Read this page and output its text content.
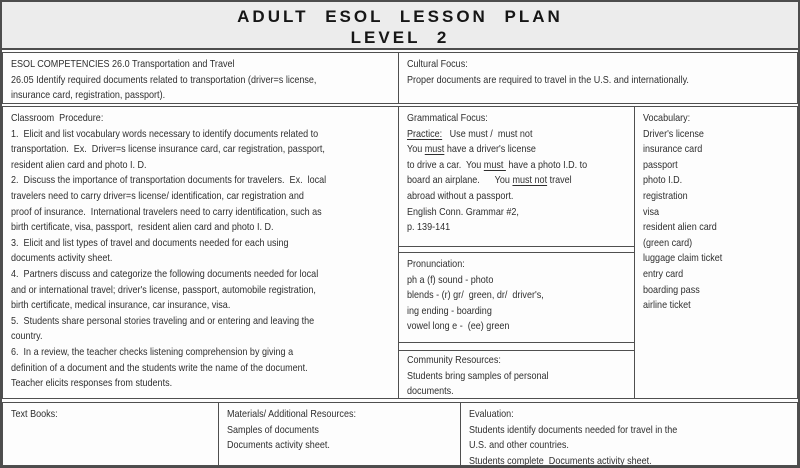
ADULT ESOL LESSON PLAN
LEVEL 2
ESOL COMPETENCIES 26.0 Transportation and Travel
26.05 Identify required documents related to transportation (driver=s license,
insurance card, registration, passport).
Cultural Focus:
Proper documents are required to travel in the U.S. and internationally.
Classroom  Procedure:
1.  Elicit and list vocabulary words necessary to identify documents related to
transportation.  Ex.  Driver=s license insurance card, car registration, passport,
resident alien card and photo I. D.
2.  Discuss the importance of transportation documents for travelers.  Ex.  local
travelers need to carry driver=s license/ identification, car registration and
proof of insurance.  International travelers need to carry identification, such as
birth certificate, visa, passport,  resident alien card and photo I. D.
3.  Elicit and list types of travel and documents needed for each using
documents activity sheet.
4.  Partners discuss and categorize the following documents needed for local
and or international travel; driver's license, passport, automobile registration,
birth certificate, medical insurance, car insurance, visa.
5.  Students share personal stories traveling and or entering and leaving the
country.
6.  In a review, the teacher checks listening comprehension by giving a
definition of a document and the students write the name of the document.
Teacher elicits responses from students.
Grammatical Focus:
Practice:   Use must /  must not
You must have a driver's license
to drive a car.  You must  have a photo I.D. to
board an airplane.      You must not travel
abroad without a passport.
English Conn. Grammar #2,
p. 139-141
Pronunciation:
ph a (f) sound - photo
blends - (r) gr/  green, dr/  driver's,
ing ending - boarding
vowel long e -  (ee) green
Community Resources:
Students bring samples of personal
documents.
Vocabulary:
Driver's license
insurance card
passport
photo I.D.
registration
visa
resident alien card
(green card)
luggage claim ticket
entry card
boarding pass
airline ticket
Text Books:	Materials/ Additional Resources:
Samples of documents
Documents activity sheet.
Evaluation:
Students identify documents needed for travel in the
U.S. and other countries.
Students complete  Documents activity sheet.
